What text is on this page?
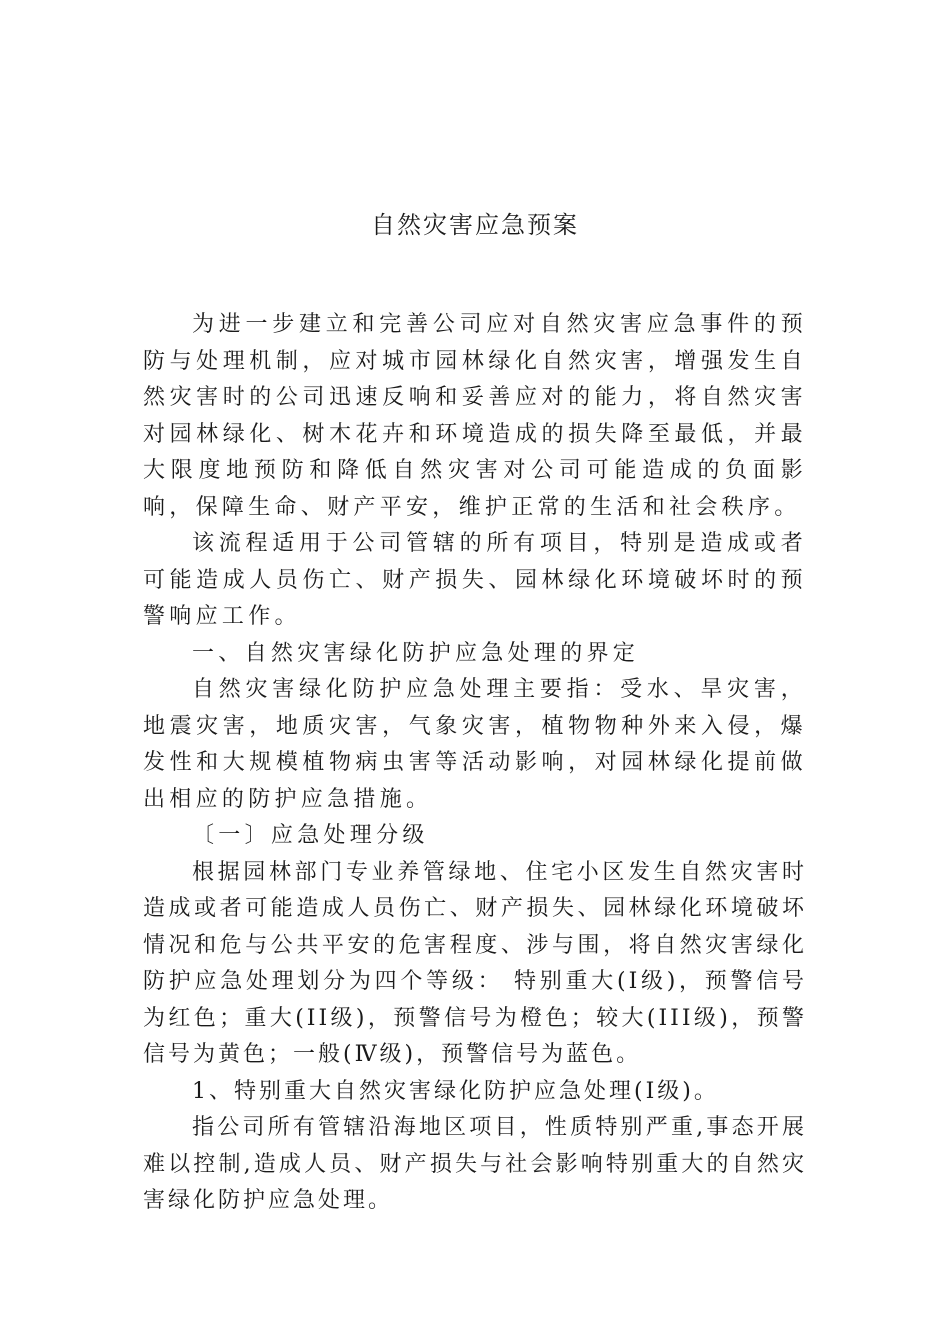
自然灾害应急预案

为进一步建立和完善公司应对自然灾害应急事件的预防与处理机制，应对城市园林绿化自然灾害，增强发生自然灾害时的公司迅速反响和妥善应对的能力，将自然灾害对园林绿化、树木花卉和环境造成的损失降至最低，并最大限度地预防和降低自然灾害对公司可能造成的负面影响，保障生命、财产平安，维护正常的生活和社会秩序。

该流程适用于公司管辖的所有项目，特别是造成或者可能造成人员伤亡、财产损失、园林绿化环境破坏时的预警响应工作。

一、自然灾害绿化防护应急处理的界定

自然灾害绿化防护应急处理主要指：受水、旱灾害，地震灾害，地质灾害，气象灾害，植物物种外来入侵，爆发性和大规模植物病虫害等活动影响，对园林绿化提前做出相应的防护应急措施。

〔一〕应急处理分级

根据园林部门专业养管绿地、住宅小区发生自然灾害时造成或者可能造成人员伤亡、财产损失、园林绿化环境破坏情况和危与公共平安的危害程度、涉与围，将自然灾害绿化防护应急处理划分为四个等级： 特别重大(I级)，预警信号为红色；重大(II级)，预警信号为橙色；较大(III级)，预警信号为黄色；一般(Ⅳ级)，预警信号为蓝色。

1、特别重大自然灾害绿化防护应急处理(Ⅰ级)。

指公司所有管辖沿海地区项目，性质特别严重,事态开展难以控制,造成人员、财产损失与社会影响特别重大的自然灾害绿化防护应急处理。
